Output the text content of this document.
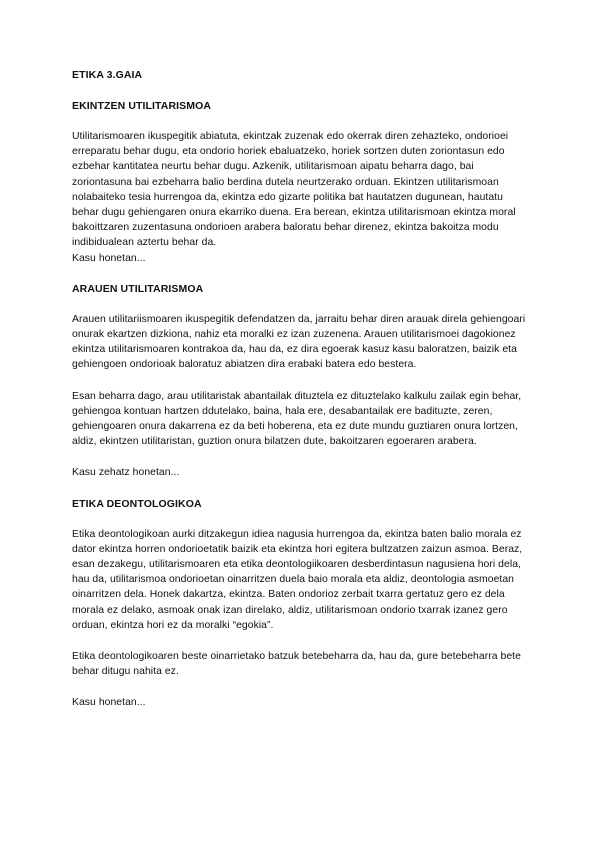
ETIKA 3.GAIA
EKINTZEN UTILITARISMOA

Utilitarismoaren ikuspegitik abiatuta, ekintzak zuzenak edo okerrak diren zehazteko, ondorioei erreparatu behar dugu, eta ondorio horiek ebaluatzeko, horiek sortzen duten zoriontasun edo ezbehar kantitatea neurtu behar dugu. Azkenik, utilitarismoan aipatu beharra dago, bai zoriontasuna bai ezbeharra balio berdina dutela neurtzerako orduan. Ekintzen utilitarismoan nolabaiteko tesia hurrengoa da, ekintza edo gizarte politika bat hautatzen dugunean, hautatu behar dugu gehiengaren onura ekarriko duena. Era berean, ekintza utilitarismoan ekintza moral bakoittzaren zuzentasuna ondorioen arabera baloratu behar direnez, ekintza bakoitza modu indibidualean aztertu behar da.

Kasu honetan...

ARAUEN UTILITARISMOA

Arauen utilitariismoaren ikuspegitik defendatzen da, jarraitu behar diren arauak direla gehiengoari onurak ekartzen dizkiona, nahiz eta moralki ez izan zuzenena. Arauen utilitarismoei dagokionez ekintza utilitarismoaren kontrakoa da, hau da, ez dira egoerak kasuz kasu baloratzen, baizik eta gehiengoen ondorioak baloratuz abiatzen dira erabaki batera edo bestera.

Esan beharra dago, arau utilitaristak abantailak dituztela ez dituztelako kalkulu zailak egin behar, gehiengoa kontuan hartzen ddutelako, baina, hala ere, desabantailak ere badituzte, zeren, gehiengoaren onura dakarrena ez da beti hoberena, eta ez dute mundu guztiaren onura lortzen, aldiz, ekintzen utilitaristan, guztion onura bilatzen dute, bakoitzaren egoeraren arabera.

Kasu zehatz honetan...

ETIKA DEONTOLOGIKOA

Etika deontologikoan aurki ditzakegun idiea nagusia hurrengoa da, ekintza baten balio morala ez dator ekintza horren ondorioetatik baizik eta ekintza hori egitera bultzatzen zaizun asmoa. Beraz, esan dezakegu, utilitarismoaren eta etika deontologiikoaren desberdintasun nagusiena hori dela, hau da, utilitarismoa ondorioetan oinarritzen duela baio morala eta aldiz, deontologia asmoetan oinarritzen dela. Honek dakartza, ekintza. Baten ondorioz zerbait txarra gertatuz gero ez dela morala ez delako, asmoak onak izan direlako, aldiz, utilitarismoan ondorio txarrak izanez gero orduan, ekintza hori ez da moralki “egokia”.

Etika deontologikoaren beste oinarrietako batzuk betebeharra da, hau da, gure betebeharra bete behar ditugu nahita ez.

Kasu honetan...
